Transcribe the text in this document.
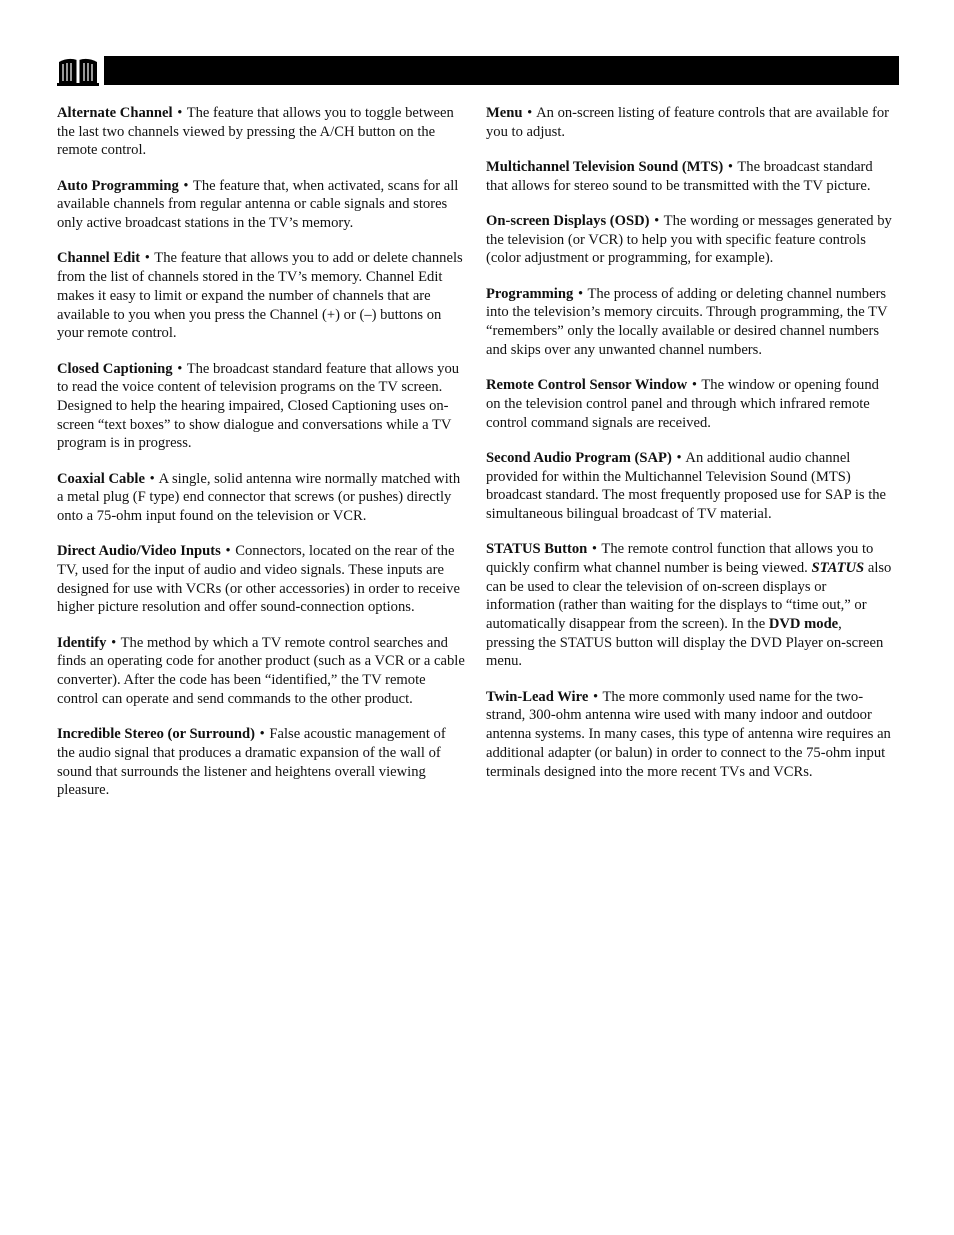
Alternate Channel • The feature that allows you to toggle between the last two channels viewed by pressing the A/CH button on the remote control.

Auto Programming • The feature that, when activated, scans for all available channels from regular antenna or cable signals and stores only active broadcast stations in the TV’s memory.

Channel Edit • The feature that allows you to add or delete channels from the list of channels stored in the TV’s memory. Channel Edit makes it easy to limit or expand the number of channels that are available to you when you press the Channel (+) or (–) buttons on your remote control.

Closed Captioning • The broadcast standard feature that allows you to read the voice content of television programs on the TV screen. Designed to help the hearing impaired, Closed Captioning uses on-screen “text boxes” to show dialogue and conversations while a TV program is in progress.

Coaxial Cable • A single, solid antenna wire normally matched with a metal plug (F type) end connector that screws (or pushes) directly onto a 75-ohm input found on the television or VCR.

Direct Audio/Video Inputs • Connectors, located on the rear of the TV, used for the input of audio and video signals. These inputs are designed for use with VCRs (or other accessories) in order to receive higher picture resolution and offer sound-connection options.

Identify • The method by which a TV remote control searches and finds an operating code for another product (such as a VCR or a cable converter). After the code has been “identified,” the TV remote control can operate and send commands to the other product.

Incredible Stereo (or Surround) • False acoustic management of the audio signal that produces a dramatic expansion of the wall of sound that surrounds the listener and heightens overall viewing pleasure.

Menu • An on-screen listing of feature controls that are available for you to adjust.

Multichannel Television Sound (MTS) • The broadcast standard that allows for stereo sound to be transmitted with the TV picture.

On-screen Displays (OSD) • The wording or messages generated by the television (or VCR) to help you with specific feature controls (color adjustment or programming, for example).

Programming • The process of adding or deleting channel numbers into the television’s memory circuits. Through programming, the TV “remembers” only the locally available or desired channel numbers and skips over any unwanted channel numbers.

Remote Control Sensor Window • The window or opening found on the television control panel and through which infrared remote control command signals are received.

Second Audio Program (SAP) • An additional audio channel provided for within the Multichannel Television Sound (MTS) broadcast standard. The most frequently proposed use for SAP is the simultaneous bilingual broadcast of TV material.

STATUS Button • The remote control function that allows you to quickly confirm what channel number is being viewed. STATUS also can be used to clear the television of on-screen displays or information (rather than waiting for the displays to “time out,” or automatically disappear from the screen). In the DVD mode, pressing the STATUS button will display the DVD Player on-screen menu.

Twin-Lead Wire • The more commonly used name for the two-strand, 300-ohm antenna wire used with many indoor and outdoor antenna systems. In many cases, this type of antenna wire requires an additional adapter (or balun) in order to connect to the 75-ohm input terminals designed into the more recent TVs and VCRs.
